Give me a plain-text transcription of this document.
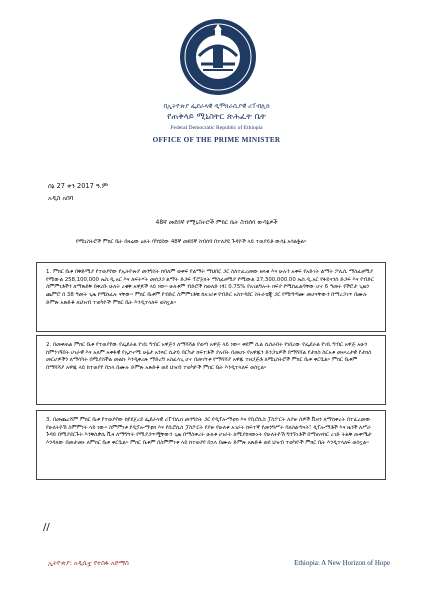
በኢትዮጵያ ፌደራላዊ ዲሞክራሲያዊ ሪፐብሊክ
የጠቅላይ ሚኒስትር ጽሕፈት ቤት
Federal Democratic Republic of Ethiopia
OFFICE OF THE PRIME MINISTER
ሰኔ 27 ቀን 2017 ዓ.ም
አዲስ አበባ
48ኛ መደበኛ የሚኒስትሮች ምክር ቤት ስብሰባ ውሳኔዎች
የሚኒስትሮች ምክር ቤት በዛሬው ዕለት ባካሄደው 48ኛ መደበኛ ስብሰባ በተለያዩ ጉዳዮች ላይ ተወያይቶ ውሳኔ አሳልፏል፡፡
1. ምክር ቤቱ በቅድሚያ የተወያየው የኢትዮጵያ መንግስት ከባለም ወቀፍ የልማት ማህበር ጋር ስለተፈረመው ዘላቂ እና ሁሉን አቀፍ የአድገት ልማት ፖሊሲ ማስፈፀሚያ የሚውል 258,100,000 ኤስ.ዲ.አር እና ለፍትሃት መሰጋጋ ልማት ድጋፍ ፕሮጀክት ማስፈፀሚያ የሚውል 27,300,000.00 ኤስ.ዲ.አር የፋይናንስ ድጋፍ እና የብድር ስምምነቶችን ለማጽደቅ በቀረቡ ሁለት ረቂቅ አዋጆች ላይ ነው፡፡ ሁለቱም ብድሮች ከወለድ ነፃ፤ 0.75% የአገልግሎት ክፍያ የሚከፈልባቸው ሆኖ 6 ዓመት የችሮታ ጊዜን ጨምሮ በ 38 ዓመት ጊዜ የሚከፈሉ ናቸው፡፡ ምክር ቤቱም የብድር ስምምነቶቹ ከአገሪቱ የብድር አስተዳደር ስትራቴጂ ጋር የሚጣጣሙ መሆናቸውን በማረጋገጥ በሙሉ ድምጽ አጽድቆ ለህዝብ ተወካዮች ምክር ቤት እንዲተላለፍ ወስኗል፡፡
2. በመቀጠል ምክር ቤቱ የተወያየው የፌደራል የገቢ ግብር አዋጅን ለማሻሻል የወጣ አዋጅ ላይ ነው፡፡ ቀደም ሲል ሲሰራበት የነበረው የፌደራል የገቢ ግብር አዋጅ አሁን ከምንገኝበት ሀገራዊ እና አለም አቀፋዊ የኢኮኖሚ ሁኔታ አንጻር ሲታይ በርካታ ክፍተቶች ያሉበት በመሆኑ የአዋጁን ድንጋጌዎች በማሻሻል የታክስ ስርአቱ መሠረታዊ የታክስ መርሆዎችን ለማሳካት በሚያስችል መልኩ እንዲቀረጽ ማድረግ አስፈላጊ ሆኖ በመገኘቱ የማሻሻያ አዋጁ ተዘጋጅቶ ለሚኒስትሮች ምክር ቤቱ ቀርቧል፡፡ ምክር ቤቱም በማሻሻያ አዋጁ ላይ ከተወያየ በኋላ በሙሉ ድምጽ አጽድቆ ወደ ህዝብ ተወካዮች ምክር ቤት እንዲተላለፍ ወስኗል፡፡
3. በመጨረሻም ምክር ቤቱ የተወያየው ከየደጀረደ ፌደራላዊ ሪፐብሊክ መንግስት ጋር የዲፕሎማቲክ እና የቢሮሲስ ፓስፖርት ለያዙ ሰዎች ቪዛን ለማስቀረት በተፈረመው የሁለትዮሽ ስምምነት ላይ ነው፡፡ ስምምነቱ የዲፕሎማቲክ እና የቢሮሲስ ፓስፖርት የያዙ የሁለቱ አገራት ከፍተኛ የመንግሥት ባለስልጣናት፣ ዲፕሎማቶች እና ዜጎች ለሥራ ጉዳይ በሚያደርጉት እንቅስቃሴ ቪዛ ለማግኘት የሚያጋጥሟቸውን ጊዜ በማስቀረት ሁለቱ ሀገራት ለሚያከናውኑት የሁለትዮሽ ግንኙነቶች በማጠናከር ረገድ ትልቅ ጠቀሜታ እንዳለው በመታመኑ ለምክር ቤቱ ቀርቧል፡፡ ምክር ቤቱም በስምምነቱ ላይ ከተወያየ በኋላ በሙሉ ድምጽ አጽድቆ ወደ ህዝብ ተወካዮች ምክር ቤት እንዲተላለፍ ወስኗል፡፡
//
ኢትዮጵያ: አዲሲቷ የተስፋ አድማስ	Ethiopia: A New Horizon of Hope
